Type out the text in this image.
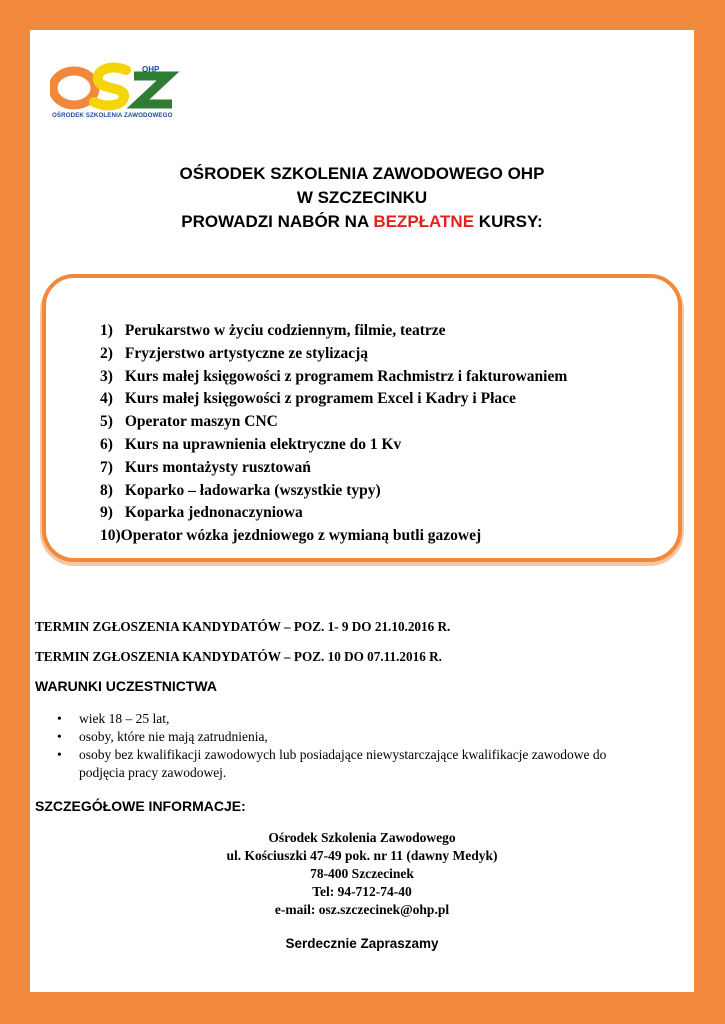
OHP
OŚRODEK SZKOLENIA ZAWODOWEGO
OŚRODEK SZKOLENIA ZAWODOWEGO OHP
W SZCZECINKU
PROWADZI NABÓR NA BEZPŁATNE KURSY:
1) Perukarstwo w życiu codziennym, filmie, teatrze
2) Fryzjerstwo artystyczne ze stylizacją
3) Kurs małej księgowości z programem Rachmistrz i fakturowaniem
4) Kurs małej księgowości z programem Excel i Kadry i Płace
5) Operator maszyn CNC
6) Kurs na uprawnienia elektryczne do 1 Kv
7) Kurs montażysty rusztowań
8) Koparko – ładowarka (wszystkie typy)
9) Koparka jednonaczyniowa
10)Operator wózka jezdniowego z wymianą butli gazowej
TERMIN ZGŁOSZENIA KANDYDATÓW – POZ. 1- 9 DO 21.10.2016 R.
TERMIN ZGŁOSZENIA KANDYDATÓW – POZ. 10 DO 07.11.2016 R.
WARUNKI UCZESTNICTWA
• wiek 18 – 25 lat,
• osoby, które nie mają zatrudnienia,
• osoby bez kwalifikacji zawodowych lub posiadające niewystarczające kwalifikacje zawodowe do podjęcia pracy zawodowej.
SZCZEGÓŁOWE INFORMACJE:
Ośrodek Szkolenia Zawodowego
ul. Kościuszki 47-49 pok. nr 11 (dawny Medyk)
78-400 Szczecinek
Tel: 94-712-74-40
e-mail: osz.szczecinek@ohp.pl
Serdecznie Zapraszamy
